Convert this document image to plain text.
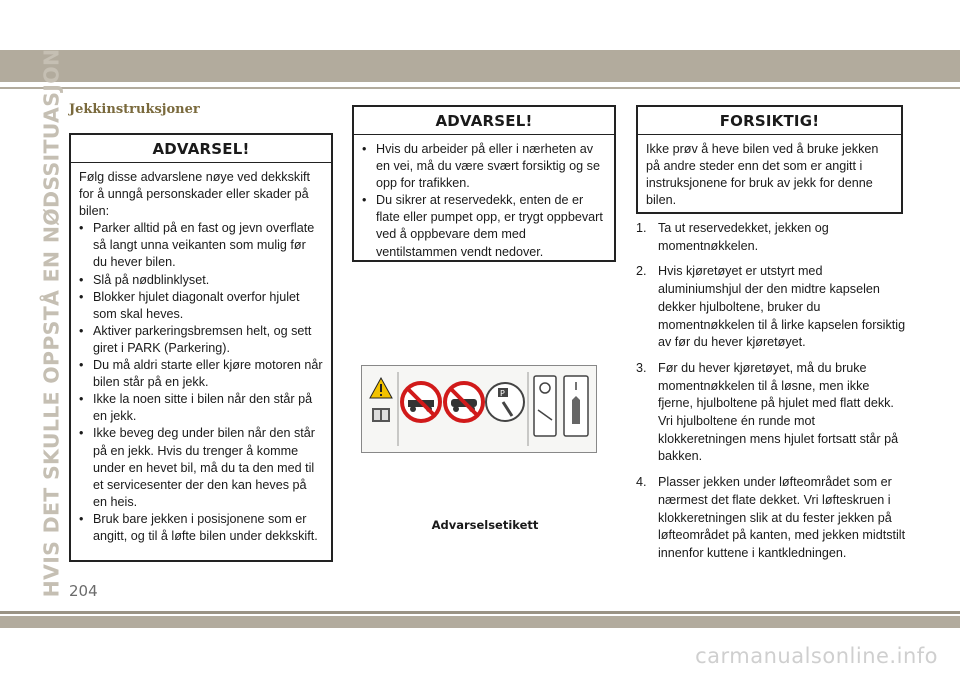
HVIS DET SKULLE OPPSTÅ EN NØDSSITUASJON Jekkinstruksjoner
ADVARSEL!

Følg disse advarslene nøye ved dekkskift for å unngå personskader eller skader på bilen:

• Parker alltid på en fast og jevn overflate så langt unna veikanten som mulig før du hever bilen.
• Slå på nødblinklyset.
• Blokker hjulet diagonalt overfor hjulet som skal heves.
• Aktiver parkeringsbremsen helt, og sett giret i PARK (Parkering).
• Du må aldri starte eller kjøre motoren når bilen står på en jekk.
• Ikke la noen sitte i bilen når den står på en jekk.
• Ikke beveg deg under bilen når den står på en jekk. Hvis du trenger å komme under en hevet bil, må du ta den med til et servicesenter der den kan heves på en heis.
• Bruk bare jekken i posisjonene som er angitt, og til å løfte bilen under dekkskift.
ADVARSEL!
• Hvis du arbeider på eller i nærheten av en vei, må du være svært forsiktig og se opp for trafikken.
• Du sikrer at reservedekk, enten de er flate eller pumpet opp, er trygt oppbevart ved å oppbevare dem med ventilstammen vendt nedover.
FORSIKTIG!

Ikke prøv å heve bilen ved å bruke jekken på andre steder enn det som er angitt i instruksjonene for bruk av jekk for denne bilen.

1. Ta ut reservedekket, jekken og momentnøkkelen.
2. Hvis kjøretøyet er utstyrt med aluminiumshjul der den midtre kapselen dekker hjulboltene, bruker du momentnøkkelen til å lirke kapselen forsiktig av før du hever kjøretøyet.
3. Før du hever kjøretøyet, må du bruke momentnøkkelen til å løsne, men ikke fjerne, hjulboltene på hjulet med flatt dekk. Vri hjulboltene én runde mot klokkeretningen mens hjulet fortsatt står på bakken.
4. Plasser jekken under løfteområdet som er nærmest det flate dekket. Vri løfteskruen i klokkeretningen slik at du fester jekken på løfteområdet på kanten, med jekken midtstilt innenfor kuttene i kantkledningen.
P
Advarselsetikett
204
carmanualsonline.info
